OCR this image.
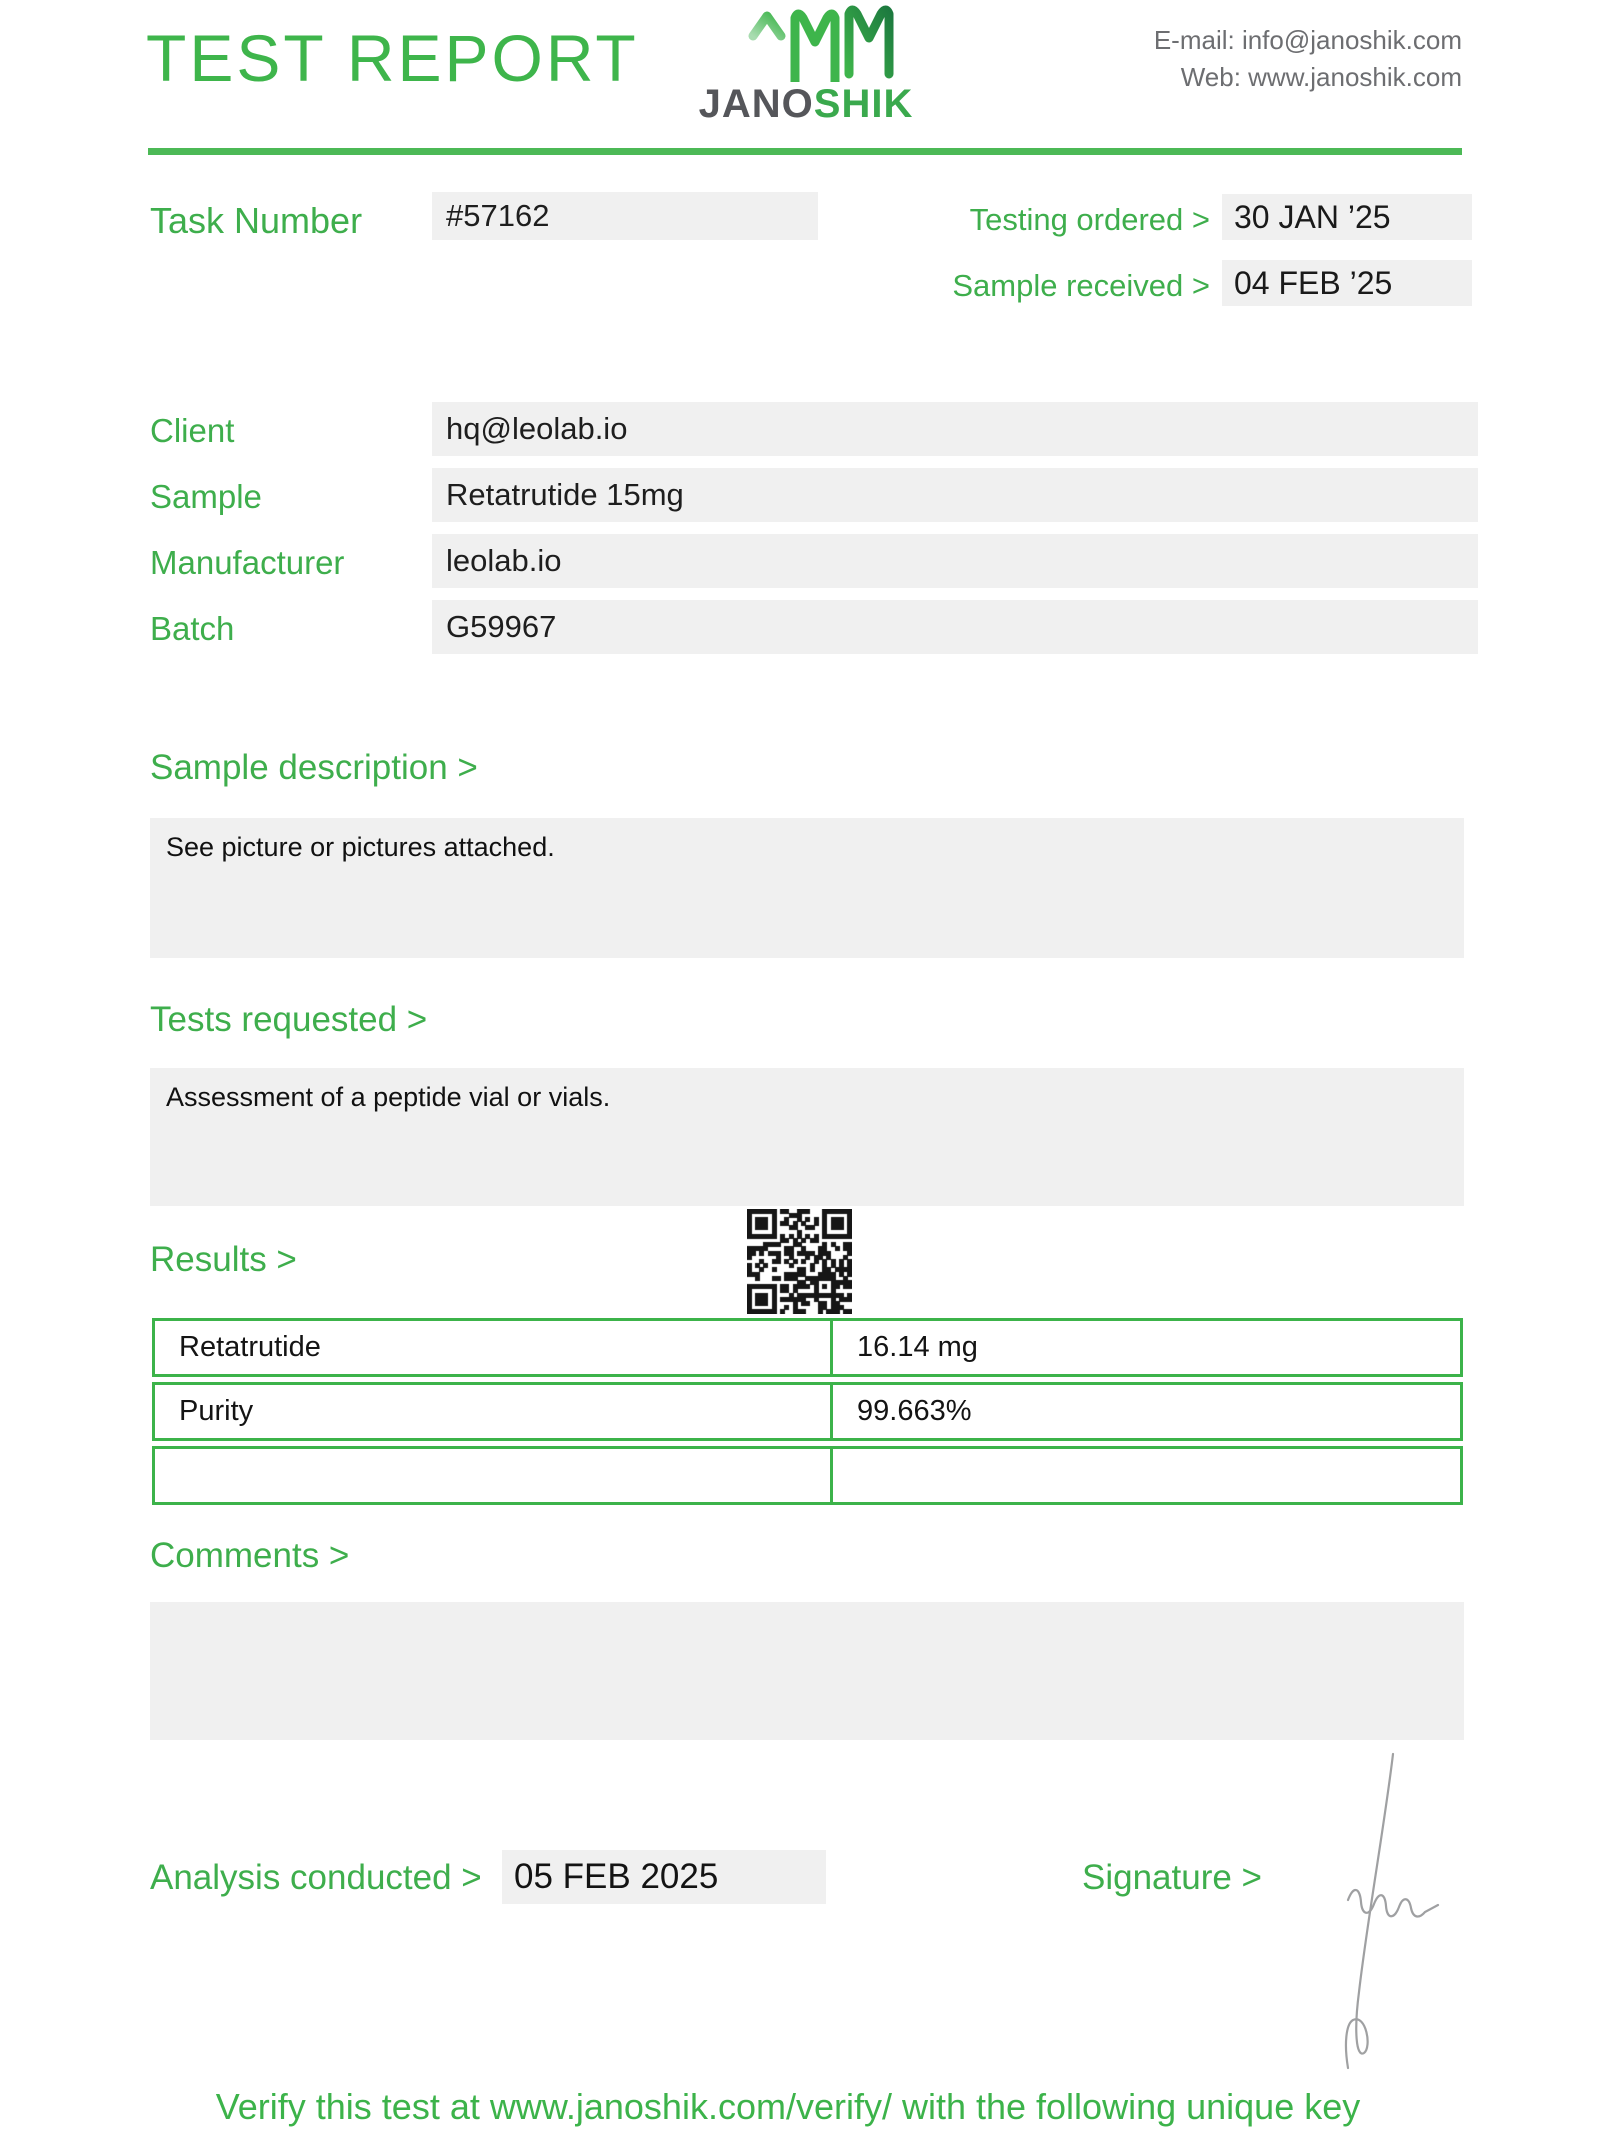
TEST REPORT
JANOSHIK
E-mail: info@janoshik.com
Web: www.janoshik.com
Task Number	#57162	Testing ordered > 30 JAN ’25
Sample received > 04 FEB ’25
Client	hq@leolab.io
Sample	Retatrutide 15mg
Manufacturer	leolab.io
Batch	G59967
Sample description >
See picture or pictures attached.
Tests requested >
Assessment of a peptide vial or vials.
Results >
Retatrutide	16.14 mg
Purity	99.663%
Comments >
Analysis conducted > 05 FEB 2025	Signature >
Verify this test at www.janoshik.com/verify/ with the following unique key
